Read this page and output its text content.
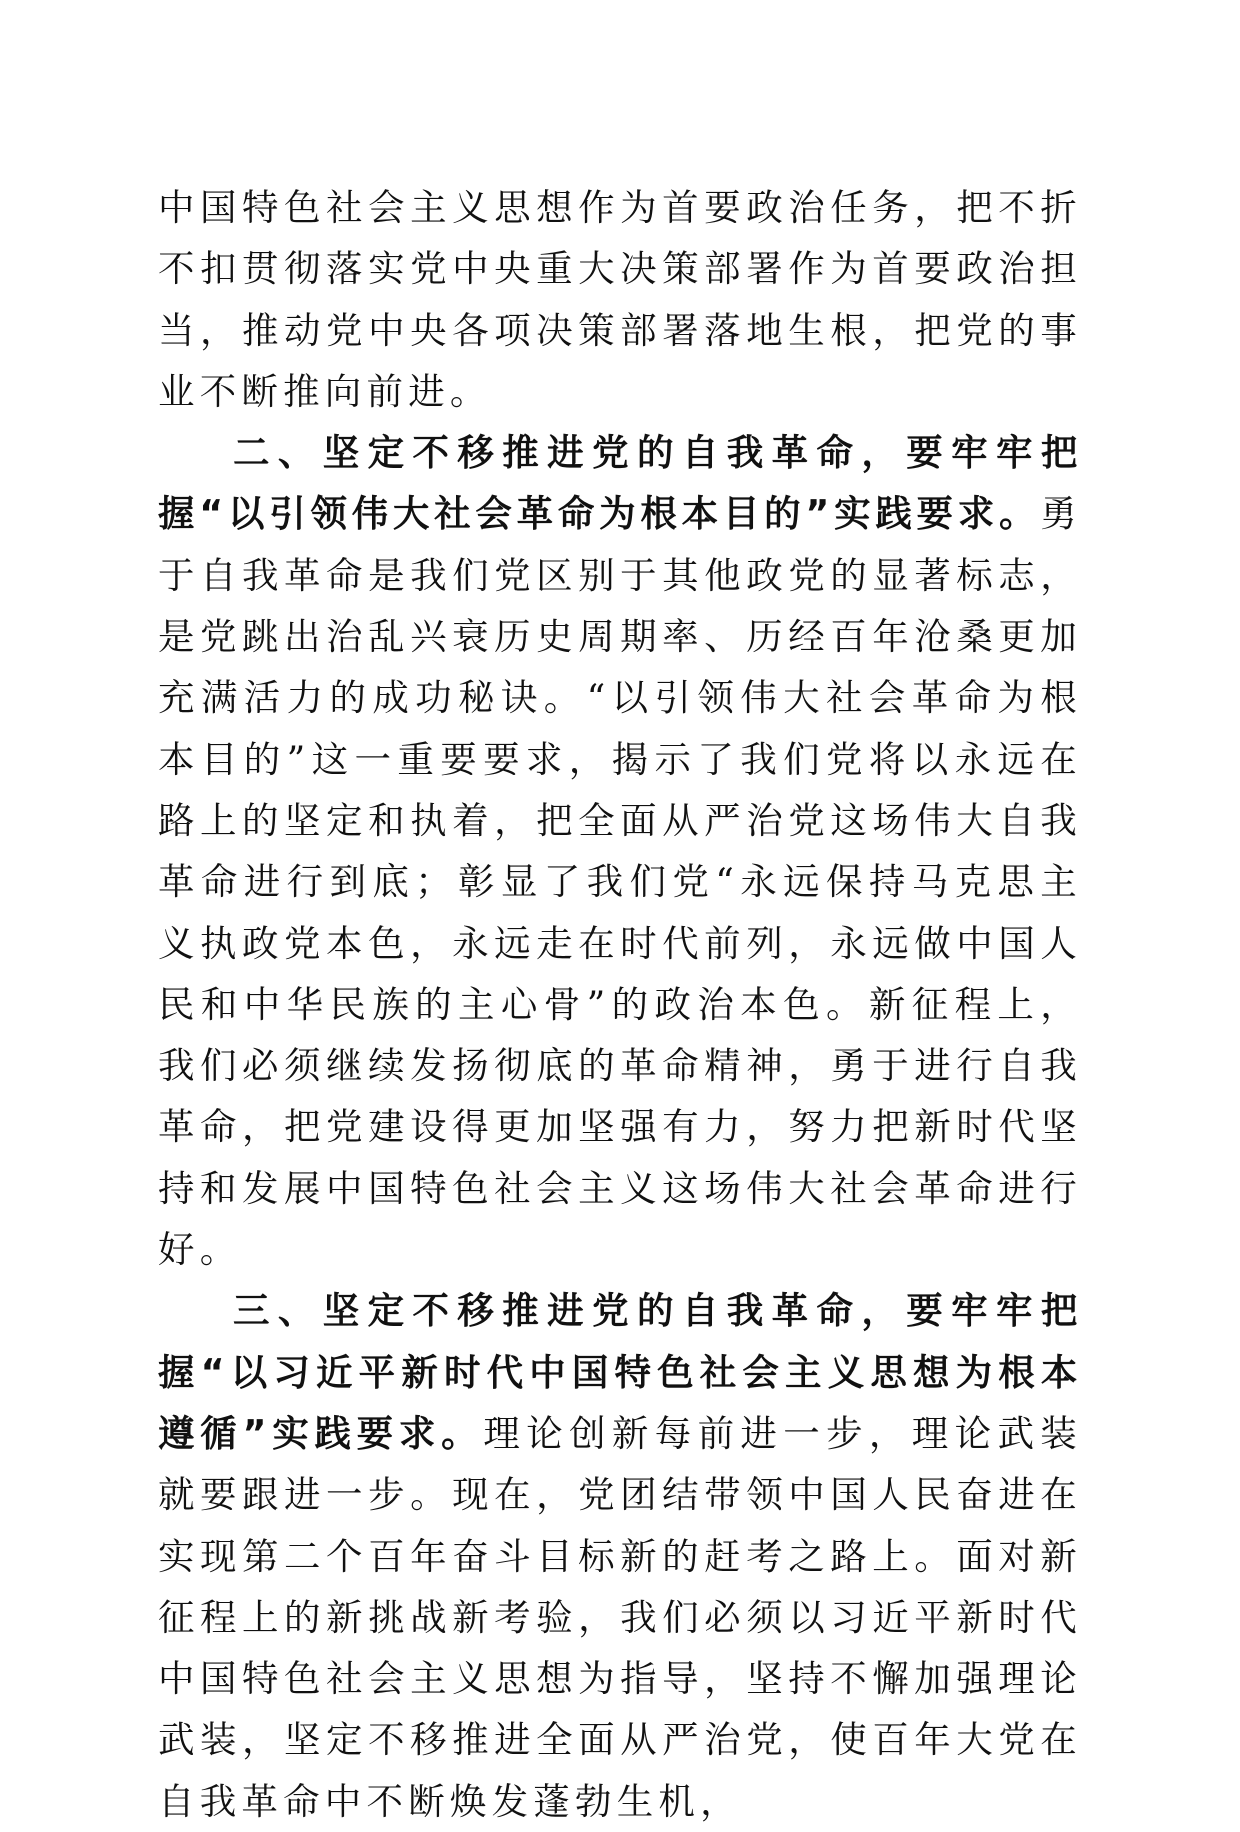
中国特色社会主义思想作为首要政治任务，把不折不扣贯彻落实党中央重大决策部署作为首要政治担当，推动党中央各项决策部署落地生根，把党的事业不断推向前进。

二、坚定不移推进党的自我革命，要牢牢把握“以引领伟大社会革命为根本目的”实践要求。勇于自我革命是我们党区别于其他政党的显著标志，是党跳出治乱兴衰历史周期率、历经百年沧桑更加充满活力的成功秘诀。“以引领伟大社会革命为根本目的”这一重要要求，揭示了我们党将以永远在路上的坚定和执着，把全面从严治党这场伟大自我革命进行到底；彰显了我们党“永远保持马克思主义执政党本色，永远走在时代前列，永远做中国人民和中华民族的主心骨”的政治本色。新征程上，我们必须继续发扬彻底的革命精神，勇于进行自我革命，把党建设得更加坚强有力，努力把新时代坚持和发展中国特色社会主义这场伟大社会革命进行好。

三、坚定不移推进党的自我革命，要牢牢把握“以习近平新时代中国特色社会主义思想为根本遵循”实践要求。理论创新每前进一步，理论武装就要跟进一步。现在，党团结带领中国人民奋进在实现第二个百年奋斗目标新的赶考之路上。面对新征程上的新挑战新考验，我们必须以习近平新时代中国特色社会主义思想为指导，坚持不懈加强理论武装，坚定不移推进全面从严治党，使百年大党在自我革命中不断焕发蓬勃生机，
